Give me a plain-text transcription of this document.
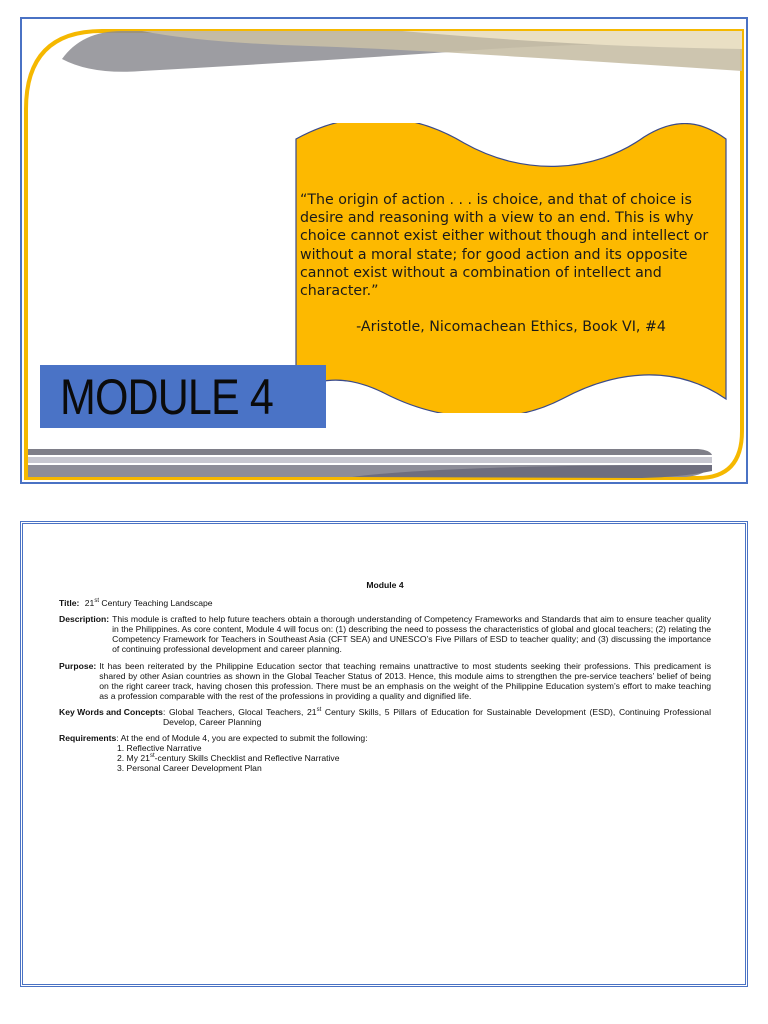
“The origin of action . . . is choice, and that of choice is desire and reasoning with a view to an end. This is why choice cannot exist either without though and intellect or without a moral state; for good action and its opposite cannot exist without a combination of intellect and character.”
-Aristotle, Nicomachean Ethics, Book VI, #4
MODULE 4
Module 4
Title: 21st Century Teaching Landscape
Description: This module is crafted to help future teachers obtain a thorough understanding of Competency Frameworks and Standards that aim to ensure teacher quality in the Philippines. As core content, Module 4 will focus on: (1) describing the need to possess the characteristics of global and glocal teachers; (2) relating the Competency Framework for Teachers in Southeast Asia (CFT SEA) and UNESCO’s Five Pillars of ESD to teacher quality; and (3) discussing the importance of continuing professional development and career planning.
Purpose: It has been reiterated by the Philippine Education sector that teaching remains unattractive to most students seeking their professions. This predicament is shared by other Asian countries as shown in the Global Teacher Status of 2013. Hence, this module aims to strengthen the pre-service teachers’ belief of being on the right career track, having chosen this profession. There must be an emphasis on the weight of the Philippine Education system’s effort to make teaching as a profession comparable with the rest of the professions in providing a quality and dignified life.
Key Words and Concepts : Global Teachers, Glocal Teachers, 21st Century Skills, 5 Pillars of Education for Sustainable Development (ESD), Continuing Professional Develop, Career Planning
Requirements: At the end of Module 4, you are expected to submit the following:
1. Reflective Narrative
2. My 21st-century Skills Checklist and Reflective Narrative
3. Personal Career Development Plan
